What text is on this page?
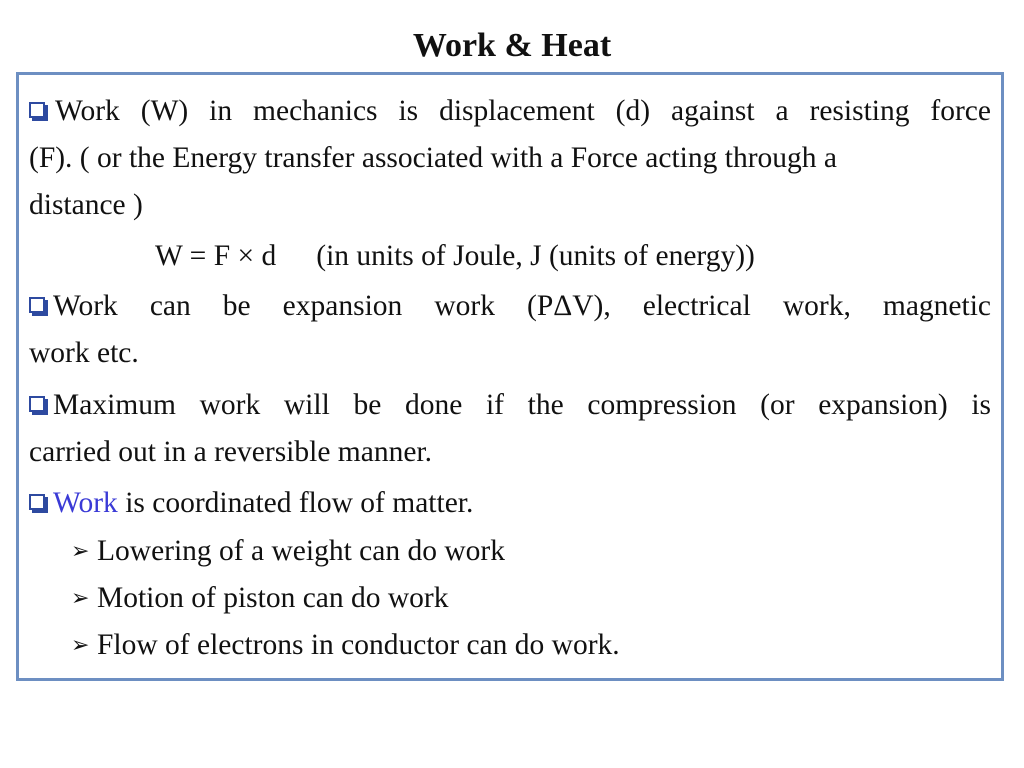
Work & Heat
Work (W) in mechanics is displacement (d) against a resisting force
(F). ( or the Energy transfer associated with a Force acting through a
distance )
W = F × d (in units of Joule, J (units of energy))
Work can be expansion work (PΔV), electrical work, magnetic
work etc.
Maximum work will be done if the compression (or expansion) is
carried out in a reversible manner.
Work is coordinated flow of matter.
➢ Lowering of a weight can do work
➢ Motion of piston can do work
➢ Flow of electrons in conductor can do work.
